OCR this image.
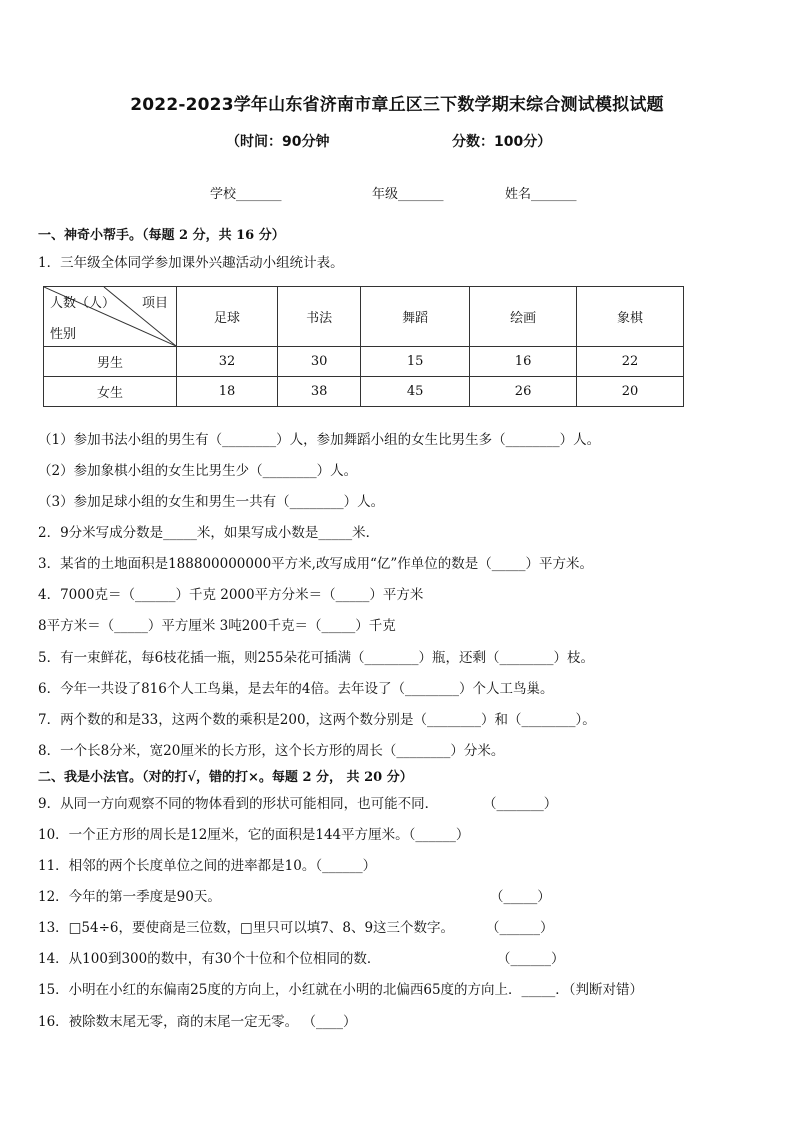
2022-2023学年山东省济南市章丘区三下数学期末综合测试模拟试题
（时间：90分钟	分数：100分）
学校_______	年级_______	姓名_______
一、神奇小帮手。（每题 2 分，共 16 分）
1．三年级全体同学参加课外兴趣活动小组统计表。
人数（人） 项目
性别	足球	书法	舞蹈	绘画	象棋
男生	32	30	15	16	22
女生	18	38	45	26	20
（1）参加书法小组的男生有（________）人，参加舞蹈小组的女生比男生多（________）人。
（2）参加象棋小组的女生比男生少（________）人。
（3）参加足球小组的女生和男生一共有（________）人。
2．9分米写成分数是_____米，如果写成小数是_____米．
3．某省的土地面积是188800000000平方米,改写成用“亿”作单位的数是（_____）平方米。
4．7000克＝（______）千克 2000平方分米＝（_____）平方米
8平方米＝（_____）平方厘米 3吨200千克＝（_____）千克
5．有一束鲜花，每6枝花插一瓶，则255朵花可插满（________）瓶，还剩（________）枝。
6．今年一共设了816个人工鸟巢，是去年的4倍。去年设了（________）个人工鸟巢。
7．两个数的和是33，这两个数的乘积是200，这两个数分别是（________）和（________）。
8．一个长8分米，宽20厘米的长方形，这个长方形的周长（________）分米。
二、我是小法官。（对的打√，错的打×。每题 2 分， 共 20 分）
9．从同一方向观察不同的物体看到的形状可能相同，也可能不同．	（_______）
10．一个正方形的周长是12厘米，它的面积是144平方厘米。（______）
11．相邻的两个长度单位之间的进率都是10。（______）
12．今年的第一季度是90天。	（_____）
13．□54÷6，要使商是三位数，□里只可以填7、8、9这三个数字。 （______）
14．从100到300的数中，有30个十位和个位相同的数．	（______）
15．小明在小红的东偏南25度的方向上，小红就在小明的北偏西65度的方向上．_____．（判断对错）
16．被除数末尾无零，商的末尾一定无零。 （____）
